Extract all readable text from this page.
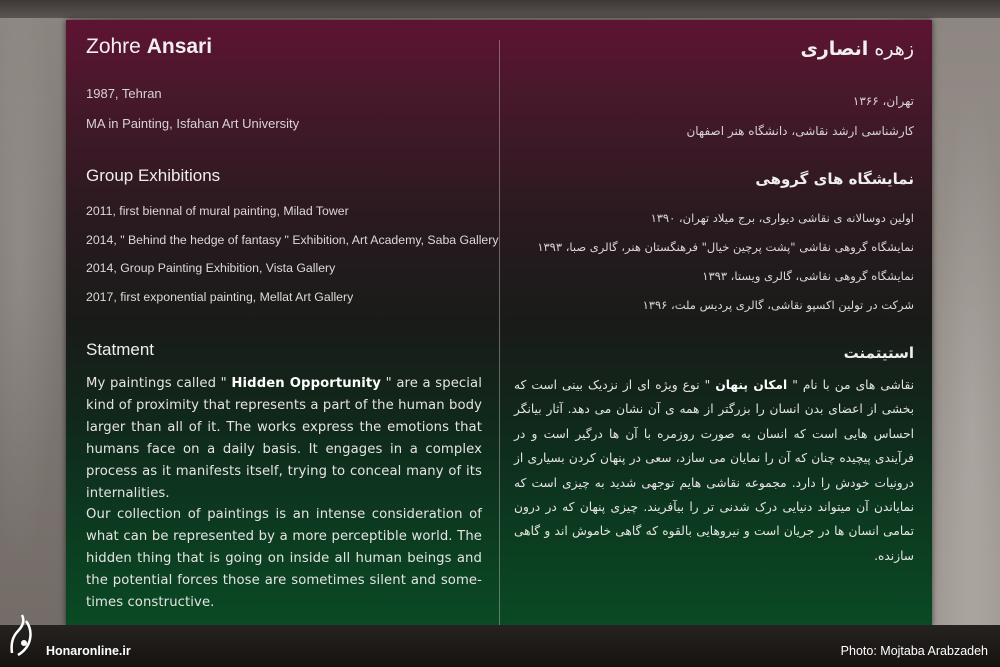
Zohre Ansari
1987, Tehran
MA in Painting, Isfahan Art University
Group Exhibitions
2011, first biennal of mural painting, Milad Tower
2014, " Behind the hedge of fantasy " Exhibition, Art Academy, Saba Gallery
2014, Group Painting Exhibition, Vista Gallery
2017, first exponential painting, Mellat Art Gallery
Statment
My paintings called " Hidden Opportunity " are a special kind of proximity that represents a part of the human body larger than all of it. The works express the emotions that humans face on a daily basis. It engages in a complex process as it manifests itself, trying to conceal many of its internalities.
Our collection of paintings is an intense consideration of what can be represented by a more perceptible world. The hidden thing that is going on inside all human beings and the potential forces those are sometimes silent and some-times constructive.
زهره انصاری
تهران، ۱۳۶۶
کارشناسی ارشد نقاشی، دانشگاه هنر اصفهان
نمایشگاه های گروهی
اولین دوسالانه ی نقاشی دیواری، برج میلاد تهران، ۱۳۹۰
نمایشگاه گروهی نقاشی "پشت پرچین خیال" فرهنگستان هنر، گالری صبا، ۱۳۹۳
نمایشگاه گروهی نقاشی، گالری ویستا، ۱۳۹۳
شرکت در تولین اکسپو نقاشی، گالری پردیس ملت، ۱۳۹۶
استیتمنت
نقاشی های من با نام " امکان پنهان " نوع ویژه ای از نزدیک بینی است که بخشی از اعضای بدن انسان را بزرگتر از همه ی آن نشان می دهد. آثار بیانگر احساس هایی است که انسان به صورت روزمره با آن ها درگیر است و در فرآیندی پیچیده چنان که آن را نمایان می سازد، سعی در پنهان کردن بسیاری از درونیات خودش را دارد. مجموعه نقاشی هایم توجهی شدید به چیزی است که نمایاندن آن میتواند دنیایی درک شدنی تر را بیآفریند. چیزی پنهان که در درون تمامی انسان ها در جریان است و نیروهایی بالقوه که گاهی خاموش اند و گاهی سازنده.
Honaronline.ir	Photo: Mojtaba Arabzadeh
